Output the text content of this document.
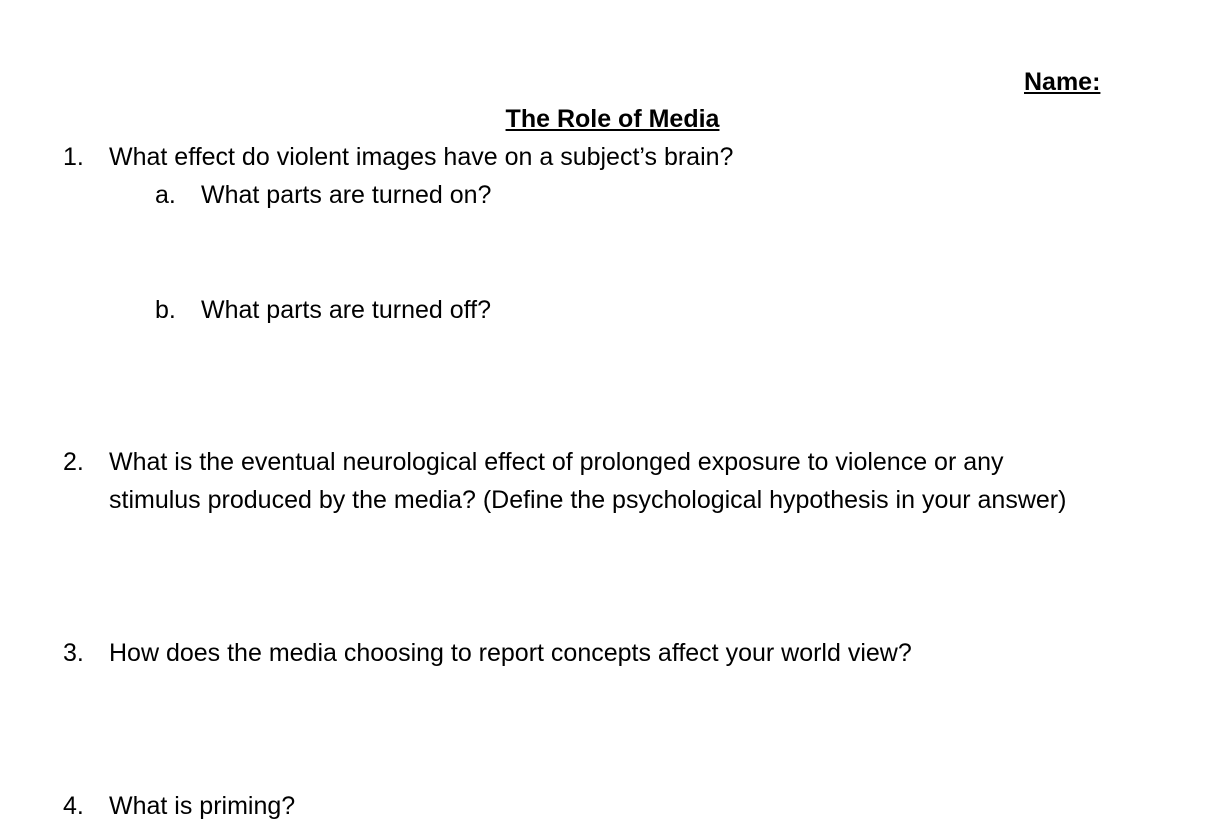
Name:
The Role of Media
1. What effect do violent images have on a subject’s brain?
a. What parts are turned on?
b. What parts are turned off?
2. What is the eventual neurological effect of prolonged exposure to violence or any
stimulus produced by the media? (Define the psychological hypothesis in your answer)
3. How does the media choosing to report concepts affect your world view?
4. What is priming?
